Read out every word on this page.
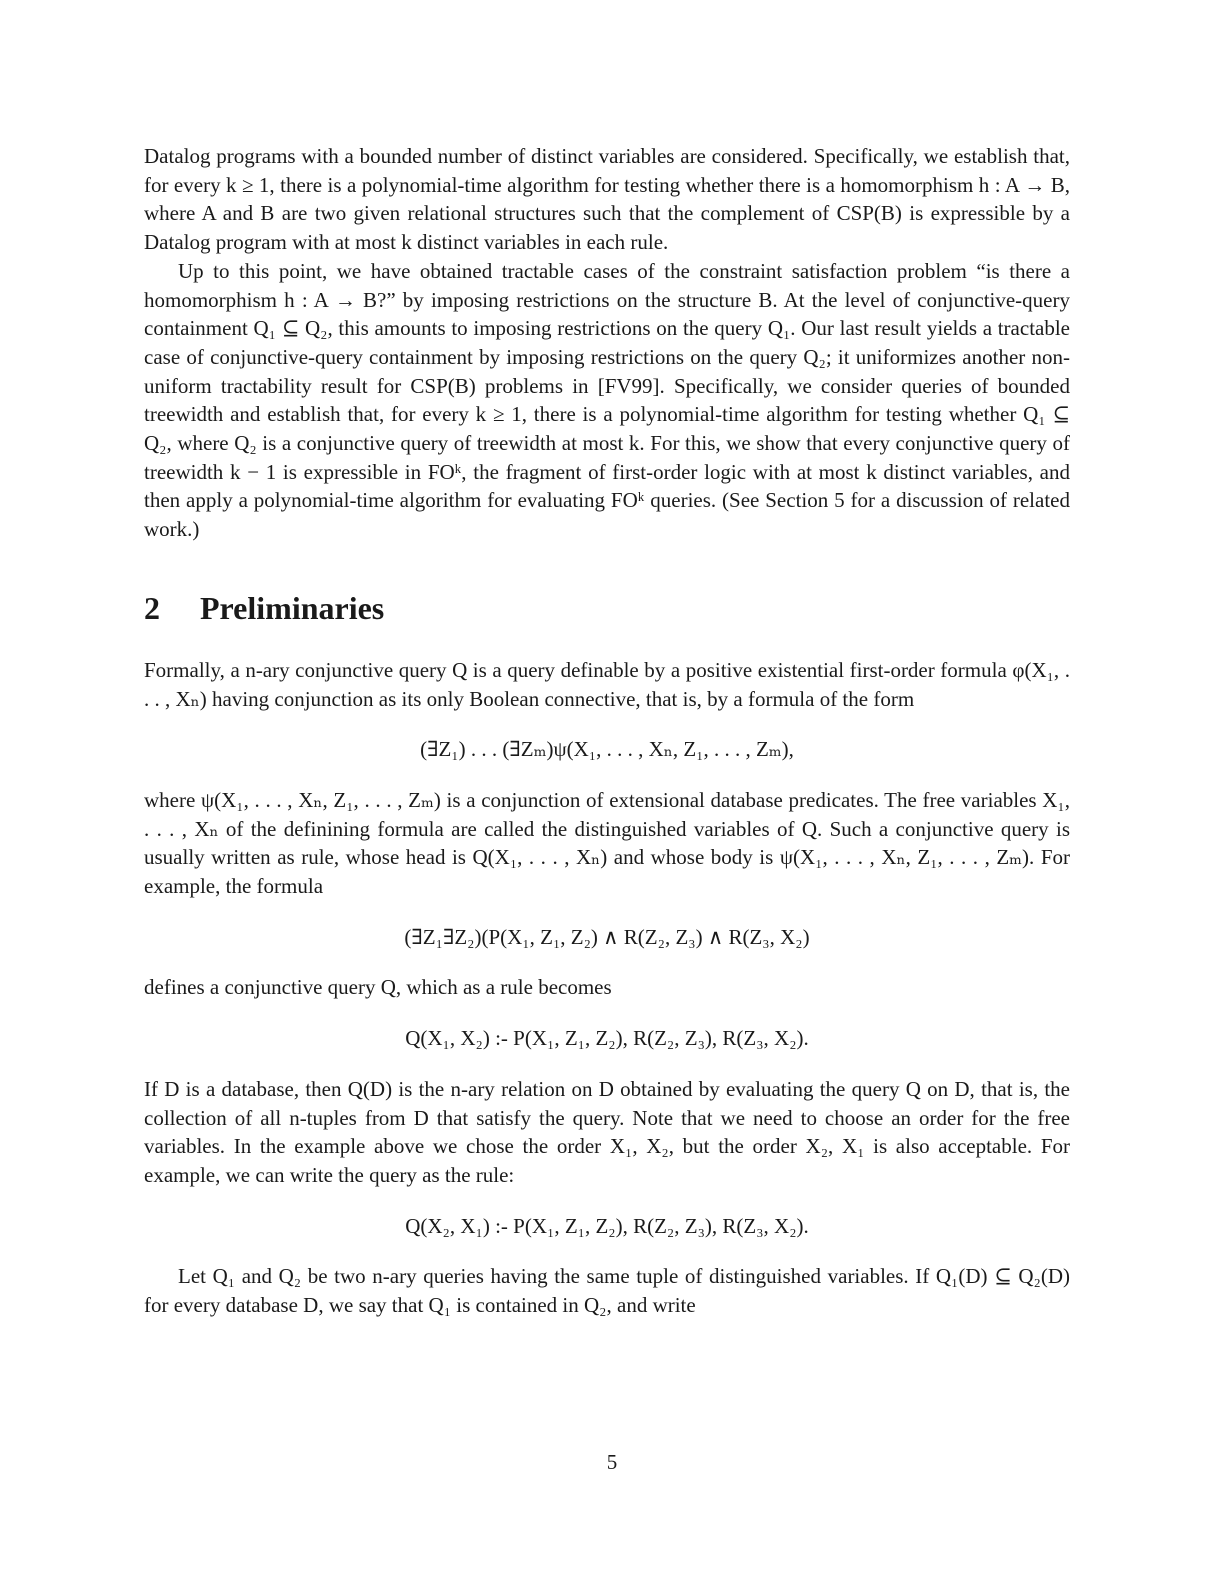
Datalog programs with a bounded number of distinct variables are considered. Specifically, we establish that, for every k ≥ 1, there is a polynomial-time algorithm for testing whether there is a homomorphism h : A → B, where A and B are two given relational structures such that the complement of CSP(B) is expressible by a Datalog program with at most k distinct variables in each rule.

Up to this point, we have obtained tractable cases of the constraint satisfaction problem “is there a homomorphism h : A → B?” by imposing restrictions on the structure B. At the level of conjunctive-query containment Q₁ ⊆ Q₂, this amounts to imposing restrictions on the query Q₁. Our last result yields a tractable case of conjunctive-query containment by imposing restrictions on the query Q₂; it uniformizes another non-uniform tractability result for CSP(B) problems in [FV99]. Specifically, we consider queries of bounded treewidth and establish that, for every k ≥ 1, there is a polynomial-time algorithm for testing whether Q₁ ⊆ Q₂, where Q₂ is a conjunctive query of treewidth at most k. For this, we show that every conjunctive query of treewidth k − 1 is expressible in FOᵏ, the fragment of first-order logic with at most k distinct variables, and then apply a polynomial-time algorithm for evaluating FOᵏ queries. (See Section 5 for a discussion of related work.)

2 Preliminaries

Formally, a n-ary conjunctive query Q is a query definable by a positive existential first-order formula φ(X₁, . . . , Xₙ) having conjunction as its only Boolean connective, that is, by a formula of the form

(∃Z₁) . . . (∃Zₘ)ψ(X₁, . . . , Xₙ, Z₁, . . . , Zₘ),

where ψ(X₁, . . . , Xₙ, Z₁, . . . , Zₘ) is a conjunction of extensional database predicates. The free variables X₁, . . . , Xₙ of the definining formula are called the distinguished variables of Q. Such a conjunctive query is usually written as rule, whose head is Q(X₁, . . . , Xₙ) and whose body is ψ(X₁, . . . , Xₙ, Z₁, . . . , Zₘ). For example, the formula

(∃Z₁∃Z₂)(P(X₁, Z₁, Z₂) ∧ R(Z₂, Z₃) ∧ R(Z₃, X₂)

defines a conjunctive query Q, which as a rule becomes

Q(X₁, X₂) :- P(X₁, Z₁, Z₂), R(Z₂, Z₃), R(Z₃, X₂).

If D is a database, then Q(D) is the n-ary relation on D obtained by evaluating the query Q on D, that is, the collection of all n-tuples from D that satisfy the query. Note that we need to choose an order for the free variables. In the example above we chose the order X₁, X₂, but the order X₂, X₁ is also acceptable. For example, we can write the query as the rule:

Q(X₂, X₁) :- P(X₁, Z₁, Z₂), R(Z₂, Z₃), R(Z₃, X₂).

Let Q₁ and Q₂ be two n-ary queries having the same tuple of distinguished variables. If Q₁(D) ⊆ Q₂(D) for every database D, we say that Q₁ is contained in Q₂, and write

5
